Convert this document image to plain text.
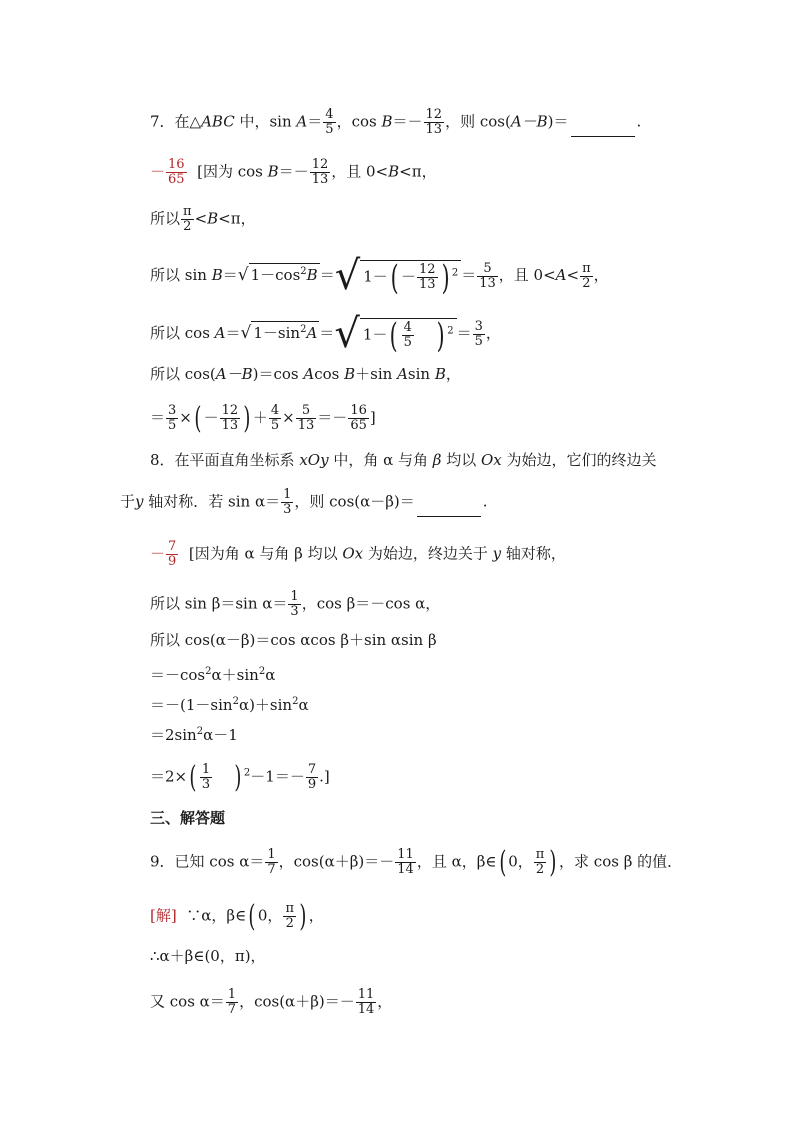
7．在△ABC 中，$\sin A= \frac{4}{5}$ ，$\cos B=- \frac{12}{13}$ ，则 cos(A－B)＝	.
－ $\frac{16}{65}$ [因为 $\cos B=- \frac{12}{13}$ ，且 0<B<π，
所以 $\frac{\pi}{2} <B<\pi$，
所以 sin B＝√ $1-\cos^2B$ ＝√ $1-( - \frac{12}{13}$ ) $^2 = \frac{5}{13}$ ，且 $0<A< \frac{\pi}{2}$ ，
所以 cos A＝√ $1-\sin^2A$ ＝√ $1-( \frac{4}{5}$ ) $^2 = \frac{3}{5}$ ，
所以 cos(A－B)＝cos Acos B＋sin Asin B，
＝ $\frac{3}{5}$ ×( － $\frac{12}{13}$ ) ＋ $\frac{4}{5} \times \frac{5}{13} =- \frac{16}{65}$ ]
8．在平面直角坐标系 xOy 中，角 α 与角 β 均以 Ox 为始边，它们的终边关
于y 轴对称．若 $\sin \alpha= \frac{1}{3}$ ，则 cos(α－β)＝	.
－ $\frac{7}{9}$ [因为角 α 与角 β 均以 Ox 为始边，终边关于 y 轴对称，
所以 sin β＝sin $\alpha= \frac{1}{3}$ ，cos β＝－cos α，
所以 cos(α－β)＝cos αcos β＋sin αsin β
$=-\cos^2\alpha+\sin^2\alpha$
$=-(1-\sin^2\alpha)+\sin^2\alpha$
$=2\sin^2\alpha-1$
$=2\times( \frac{1}{3}$ ) $^2-1=- \frac{7}{9}$ .]
三、解答题
9．已知 $\cos \alpha= \frac{1}{7}$ ，$\cos(\alpha+\beta)=- \frac{11}{14}$ ，且 α，β∈( 0， $\frac{\pi}{2}$ ) ，求 cos β 的值．
[解] ∵α，β∈( 0， $\frac{\pi}{2}$ ) ，
∴α＋β∈(0，π)，
又 $\cos \alpha= \frac{1}{7}$ ，$\cos(\alpha+\beta)=- \frac{11}{14}$ ，
